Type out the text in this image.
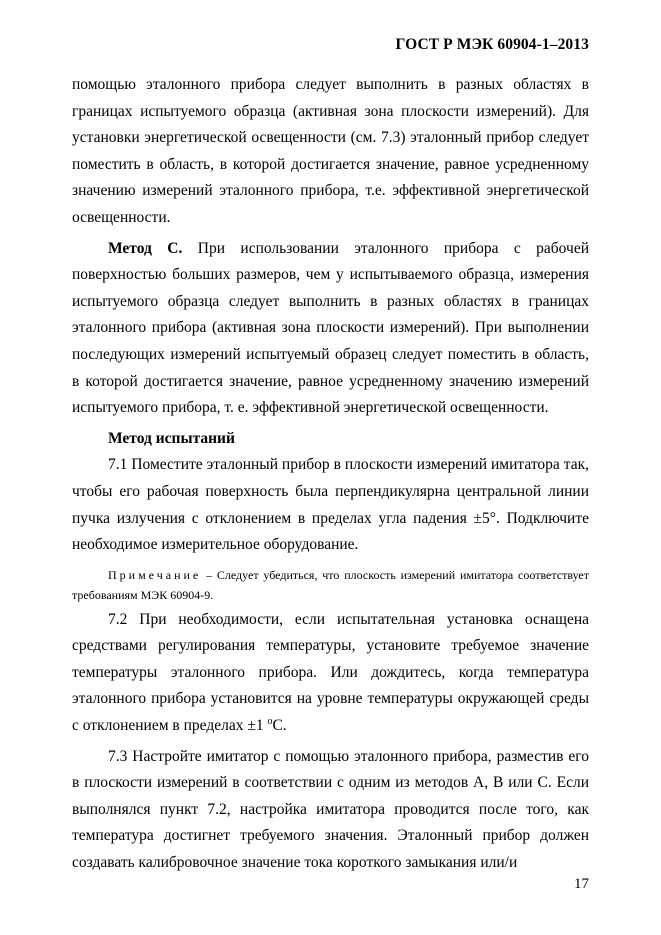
ГОСТ Р МЭК 60904-1–2013

помощью эталонного прибора следует выполнить в разных областях в границах испытуемого образца (активная зона плоскости измерений). Для установки энергетической освещенности (см. 7.3) эталонный прибор следует поместить в область, в которой достигается значение, равное усредненному значению измерений эталонного прибора, т.е. эффективной энергетической освещенности.

Метод С. При использовании эталонного прибора с рабочей поверхностью больших размеров, чем у испытываемого образца, измерения испытуемого образца следует выполнить в разных областях в границах эталонного прибора (активная зона плоскости измерений). При выполнении последующих измерений испытуемый образец следует поместить в область, в которой достигается значение, равное усредненному значению измерений испытуемого прибора, т. е. эффективной энергетической освещенности.

Метод испытаний

7.1 Поместите эталонный прибор в плоскости измерений имитатора так, чтобы его рабочая поверхность была перпендикулярна центральной линии пучка излучения с отклонением в пределах угла падения ±5°. Подключите необходимое измерительное оборудование.

Примечание – Следует убедиться, что плоскость измерений имитатора соответствует требованиям МЭК 60904-9.

7.2 При необходимости, если испытательная установка оснащена средствами регулирования температуры, установите требуемое значение температуры эталонного прибора. Или дождитесь, когда температура эталонного прибора установится на уровне температуры окружающей среды с отклонением в пределах ±1 $^o$С.

7.3 Настройте имитатор с помощью эталонного прибора, разместив его в плоскости измерений в соответствии с одним из методов А, В или С. Если выполнялся пункт 7.2, настройка имитатора проводится после того, как температура достигнет требуемого значения. Эталонный прибор должен создавать калибровочное значение тока короткого замыкания или/и

17
